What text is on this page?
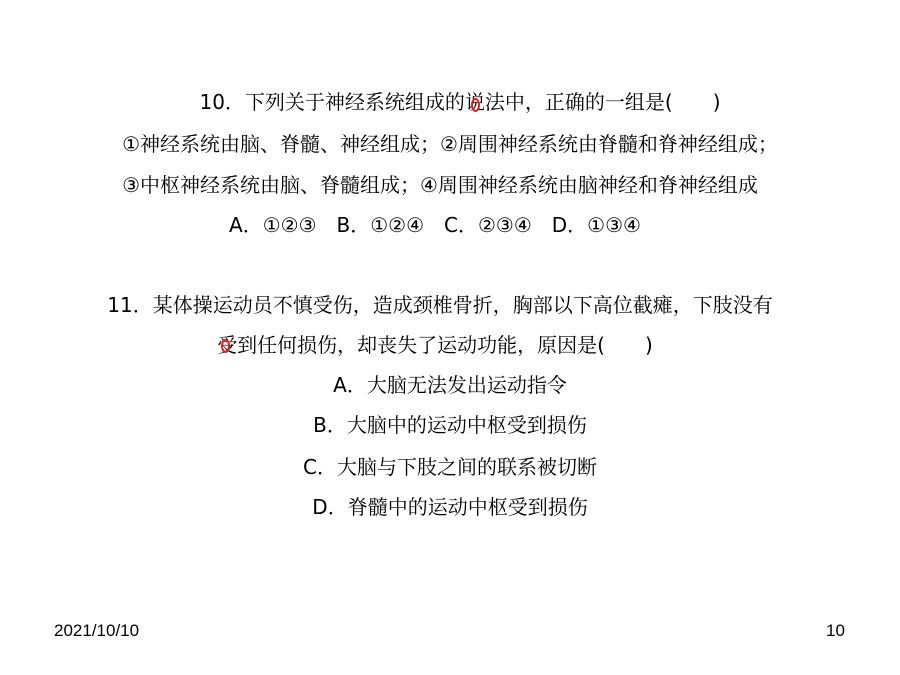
10．下列关于神经系统组成的说法中，正确的一组是(　　)
①神经系统由脑、脊髓、神经组成；②周围神经系统由脊髓和脊神经组成；
③中枢神经系统由脑、脊髓组成；④周围神经系统由脑神经和脊神经组成
A．①②③　B．①②④　C．②③④　D．①③④
11．某体操运动员不慎受伤，造成颈椎骨折，胸部以下高位截瘫，下肢没有
受到任何损伤，却丧失了运动功能，原因是(　　)
A．大脑无法发出运动指令
B．大脑中的运动中枢受到损伤
C．大脑与下肢之间的联系被切断
D．脊髓中的运动中枢受到损伤
2021/10/10	10
